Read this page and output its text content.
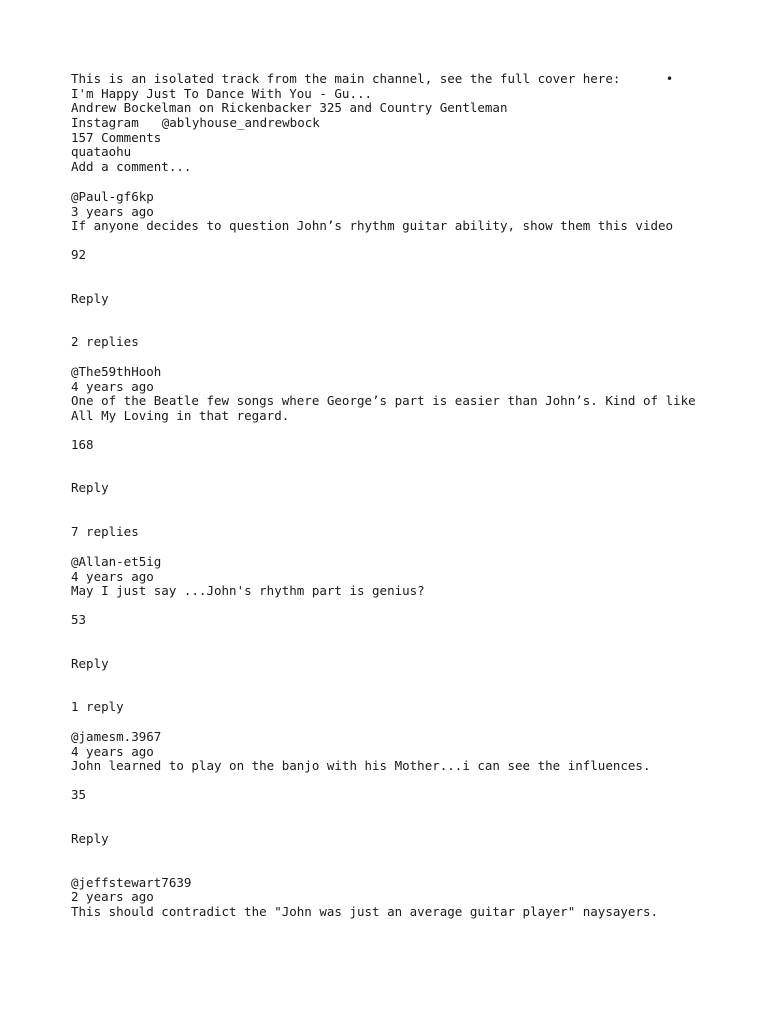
•
This is an isolated track from the main channel, see the full cover here:
I'm Happy Just To Dance With You - Gu...
Andrew Bockelman on Rickenbacker 325 and Country Gentleman
Instagram @ablyhouse_andrewbock
157 Comments
quataohu
Add a comment...
@Paul-gf6kp
3 years ago
If anyone decides to question John’s rhythm guitar ability, show them this video
92
Reply
2 replies
@The59thHooh
4 years ago
One of the Beatle few songs where George’s part is easier than John’s. Kind of like All My Loving in that regard.
168
Reply
7 replies
@Allan-et5ig
4 years ago
May I just say ...John's rhythm part is genius?
53
Reply
1 reply
@jamesm.3967
4 years ago
John learned to play on the banjo with his Mother...i can see the influences.
35
Reply
@jeffstewart7639
2 years ago
This should contradict the "John was just an average guitar player" naysayers.
